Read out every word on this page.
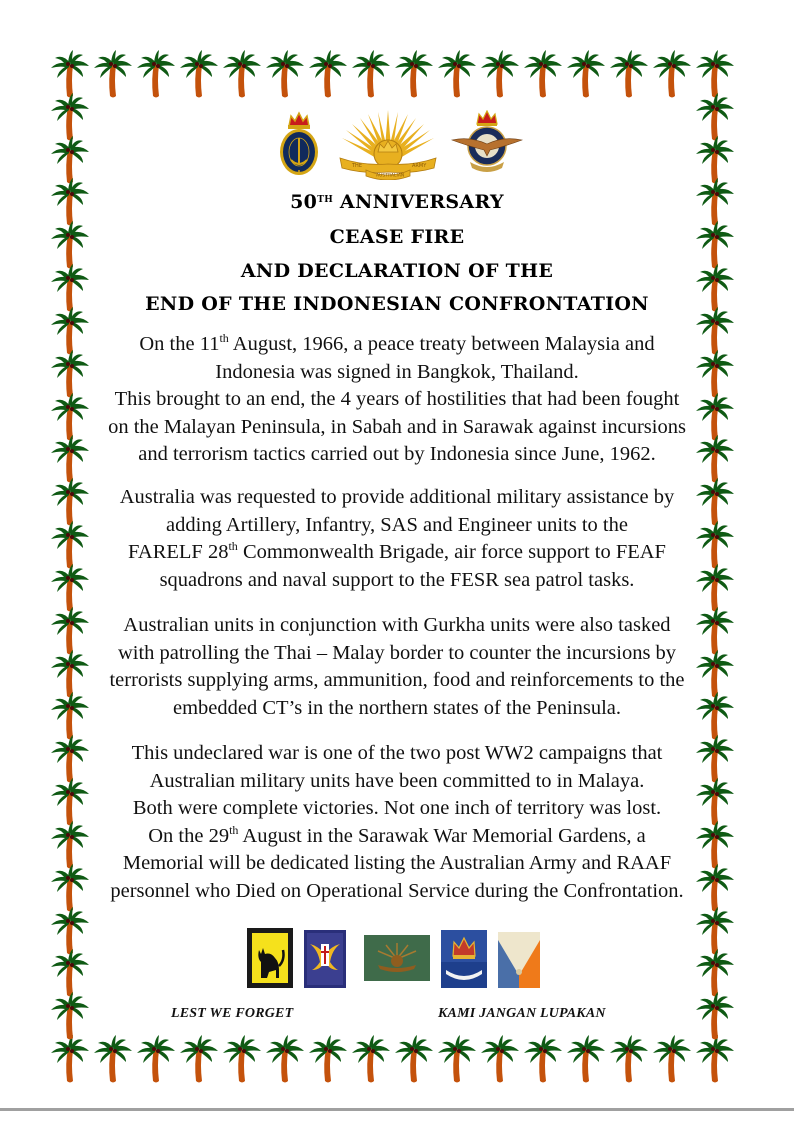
THE	ARMY
AUSTRALIAN
50TH ANNIVERSARY
CEASE FIRE
AND DECLARATION OF THE
END OF THE INDONESIAN CONFRONTATION
On the 11th August, 1966, a peace treaty between Malaysia and
Indonesia was signed in Bangkok, Thailand.
This brought to an end, the 4 years of hostilities that had been fought
on the Malayan Peninsula, in Sabah and in Sarawak against incursions
and terrorism tactics carried out by Indonesia since June, 1962.
Australia was requested to provide additional military assistance by
adding Artillery, Infantry, SAS and Engineer units to the
FARELF 28th Commonwealth Brigade, air force support to FEAF
squadrons and naval support to the FESR sea patrol tasks.
Australian units in conjunction with Gurkha units were also tasked
with patrolling the Thai – Malay border to counter the incursions by
terrorists supplying arms, ammunition, food and reinforcements to the
embedded CT’s in the northern states of the Peninsula.
This undeclared war is one of the two post WW2 campaigns that
Australian military units have been committed to in Malaya.
Both were complete victories. Not one inch of territory was lost.
On the 29th August in the Sarawak War Memorial Gardens, a
Memorial will be dedicated listing the Australian Army and RAAF
personnel who Died on Operational Service during the Confrontation.
LEST WE FORGET	KAMI JANGAN LUPAKAN
